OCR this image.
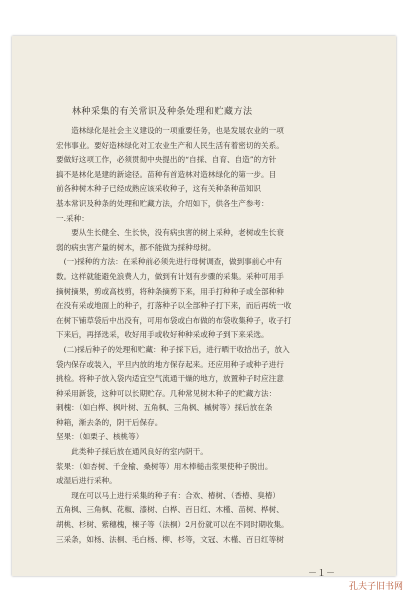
林种采集的有关常识及种条处理和贮藏方法

造林绿化是社会主义建设的一项重要任务，也是发展农业的一项

宏伟事业。要好造林绿化对工农业生产和人民生活有着密切的关系。

要做好这项工作，必须贯彻中央提出的“自採、自育、自造”的方针

搞不是林化是建的新途径。苗种有首造林对造林绿化的第一步。目

前各种树木种子已经成熟应该采收种子，这有关种条种苗知识

基本常识及种条的处理和贮藏方法，介绍如下，供各生产参考：

一.采种：

要从生长健全、生长快，没有病虫害的树上采种，老树或生长衰

弱的病虫害产量的树木，都不能做为採种母树。

(一)採种的方法：在采种前必须先进行母树调查，做到事前心中有

数。这样就能避免浪费人力，做到有计划有步骤的采集。采种可用手

摘树摘果，剪或高枝剪，将种条摘剪下来，用手打种种子或全部种种

在没有采或地面上的种子，打落种子以全部种子打下来，而后再统一收

在树下铺草袋后中出没有，可用布袋或白布做的布袋收集种子，收子打

下来后，再择选采，收好用手或收好种种采或种子到下来采选。

(二)採后种子的处理和贮藏：种子採下后，进行晒干收拾出子，放入

袋内保存或装入，平旦内放的地方保存起来。还应用种子或种子进行

挑检。将种子放入袋内适宜空气流通干燥的地方，放置种子时应注意

种采用新袋，这种可以长期贮存。几种常见树木种子的贮藏方法：

刺槐：（如白桦、枫叶树、五角枫、三角枫、槭树等）採后放在条

种箱，渐去条的，阴干后保存。

坚果：（如栗子、核桃等）

此类种子採后放在通风良好的室内阴干。

浆果：（如杏树、千金榆、桑树等）用木棒槌击浆果使种子脱出。

或湿后进行采种。

现在可以马上进行采集的种子有：合欢、椿树、（香椿、臭椿）

五角枫、三角枫、花椒、漆树、白桦、百日红、木槿、苗树、桦树、

胡桃、杉树、紫穗槐，楝子等（法桐）2月份就可以在不同时期收集。

三采条，如杨、法桐、毛白杨、柳、杉等，文冠、木槿、百日红等树

－１－
孔夫子旧书网
